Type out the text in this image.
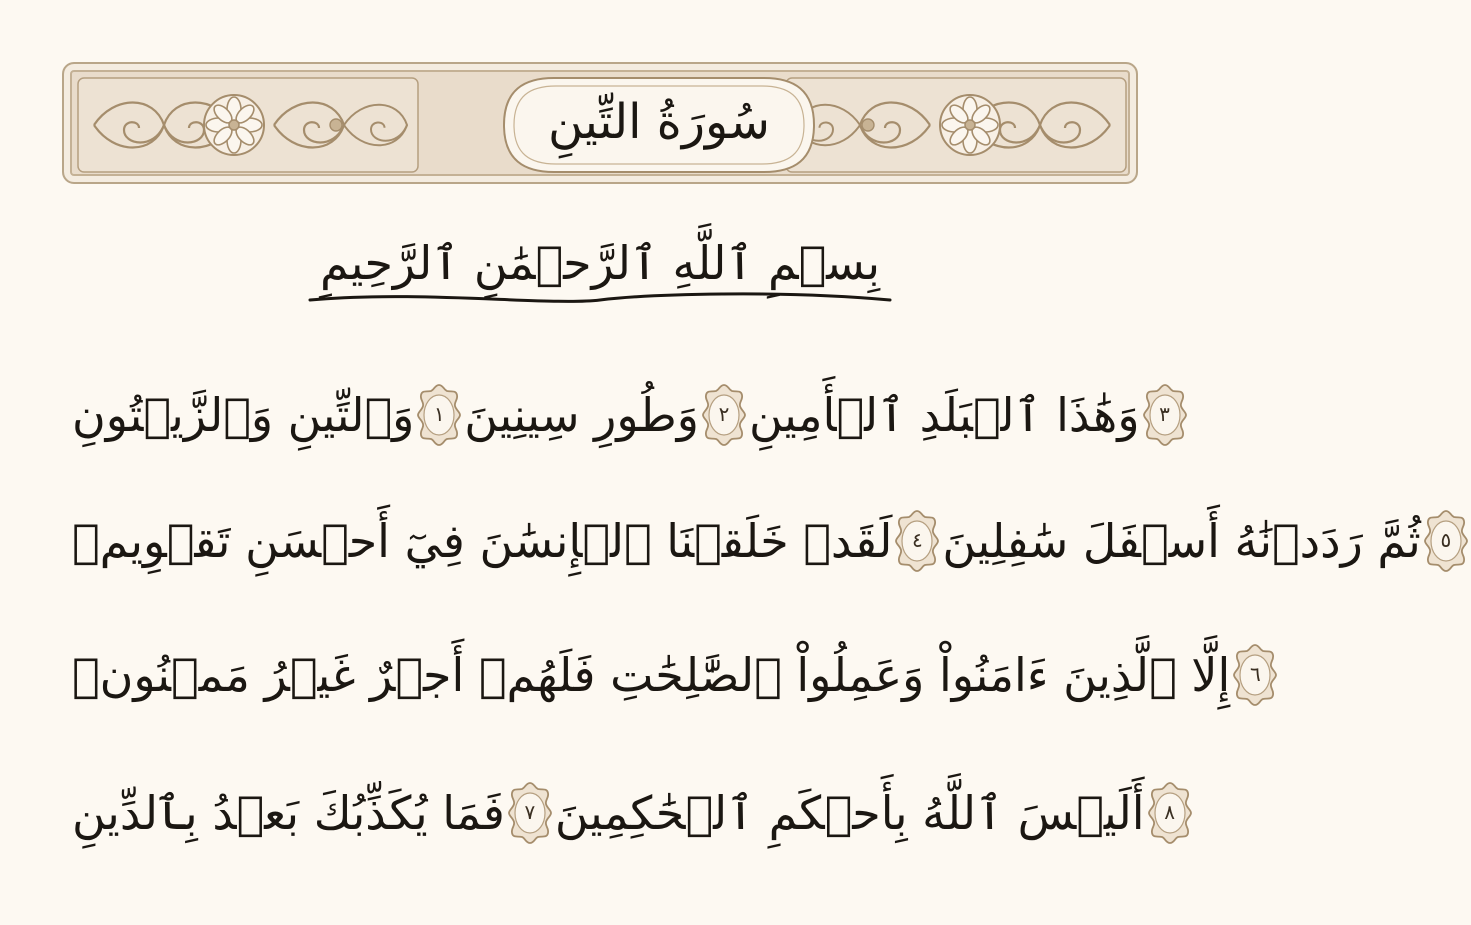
سُورَةُ التِّينِ
بِسۡمِ ٱللَّهِ ٱلرَّحۡمَٰنِ ٱلرَّحِيمِ
وَٱلتِّينِ وَٱلزَّيۡتُونِ ١ وَطُورِ سِينِينَ ٢ وَهَٰذَا ٱلۡبَلَدِ ٱلۡأَمِينِ ٣
لَقَدۡ خَلَقۡنَا ٱلۡإِنسَٰنَ فِيٓ أَحۡسَنِ تَقۡوِيمٖ ٤ ثُمَّ رَدَدۡنَٰهُ أَسۡفَلَ سَٰفِلِينَ ٥
إِلَّا ٱلَّذِينَ ءَامَنُواْ وَعَمِلُواْ ٱلصَّٰلِحَٰتِ فَلَهُمۡ أَجۡرٌ غَيۡرُ مَمۡنُونٖ ٦
فَمَا يُكَذِّبُكَ بَعۡدُ بِٱلدِّينِ ٧ أَلَيۡسَ ٱللَّهُ بِأَحۡكَمِ ٱلۡحَٰكِمِينَ ٨
